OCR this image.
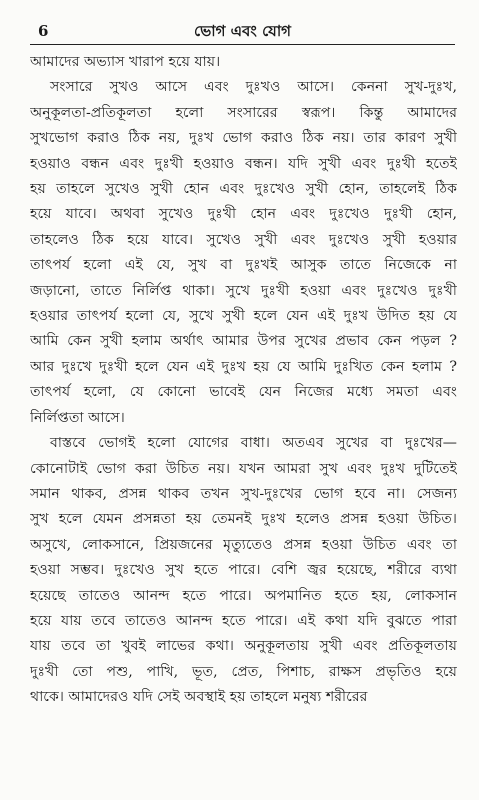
6	ভোগ এবং যোগ
আমাদের অভ্যাস খারাপ হয়ে যায়।
সংসারে সুখও আসে এবং দুঃখও আসে। কেননা সুখ-দুঃখ,
অনুকূলতা-প্রতিকূলতা হলো সংসারের স্বরূপ। কিন্তু আমাদের
সুখভোগ করাও ঠিক নয়, দুঃখ ভোগ করাও ঠিক নয়। তার কারণ সুখী
হওয়াও বন্ধন এবং দুঃখী হওয়াও বন্ধন। যদি সুখী এবং দুঃখী হতেই
হয় তাহলে সুখেও সুখী হোন এবং দুঃখেও সুখী হোন, তাহলেই ঠিক
হয়ে যাবে। অথবা সুখেও দুঃখী হোন এবং দুঃখেও দুঃখী হোন,
তাহলেও ঠিক হয়ে যাবে। সুখেও সুখী এবং দুঃখেও সুখী হওয়ার
তাৎপর্য হলো এই যে, সুখ বা দুঃখই আসুক তাতে নিজেকে না
জড়ানো, তাতে নির্লিপ্ত থাকা। সুখে দুঃখী হওয়া এবং দুঃখেও দুঃখী
হওয়ার তাৎপর্য হলো যে, সুখে সুখী হলে যেন এই দুঃখ উদিত হয় যে
আমি কেন সুখী হলাম অর্থাৎ আমার উপর সুখের প্রভাব কেন পড়ল ?
আর দুঃখে দুঃখী হলে যেন এই দুঃখ হয় যে আমি দুঃখিত কেন হলাম ?
তাৎপর্য হলো, যে কোনো ভাবেই যেন নিজের মধ্যে সমতা এবং
নির্লিপ্ততা আসে।
বাস্তবে ভোগই হলো যোগের বাধা। অতএব সুখের বা দুঃখের—
কোনোটাই ভোগ করা উচিত নয়। যখন আমরা সুখ এবং দুঃখ দুটিতেই
সমান থাকব, প্রসন্ন থাকব তখন সুখ-দুঃখের ভোগ হবে না। সেজন্য
সুখ হলে যেমন প্রসন্নতা হয় তেমনই দুঃখ হলেও প্রসন্ন হওয়া উচিত।
অসুখে, লোকসানে, প্রিয়জনের মৃত্যুতেও প্রসন্ন হওয়া উচিত এবং তা
হওয়া সম্ভব। দুঃখেও সুখ হতে পারে। বেশি জ্বর হয়েছে, শরীরে ব্যথা
হয়েছে তাতেও আনন্দ হতে পারে। অপমানিত হতে হয়, লোকসান
হয়ে যায় তবে তাতেও আনন্দ হতে পারে। এই কথা যদি বুঝতে পারা
যায় তবে তা খুবই লাভের কথা। অনুকূলতায় সুখী এবং প্রতিকূলতায়
দুঃখী তো পশু, পাখি, ভূত, প্রেত, পিশাচ, রাক্ষস প্রভৃতিও হয়ে
থাকে। আমাদেরও যদি সেই অবস্থাই হয় তাহলে মনুষ্য শরীরের
